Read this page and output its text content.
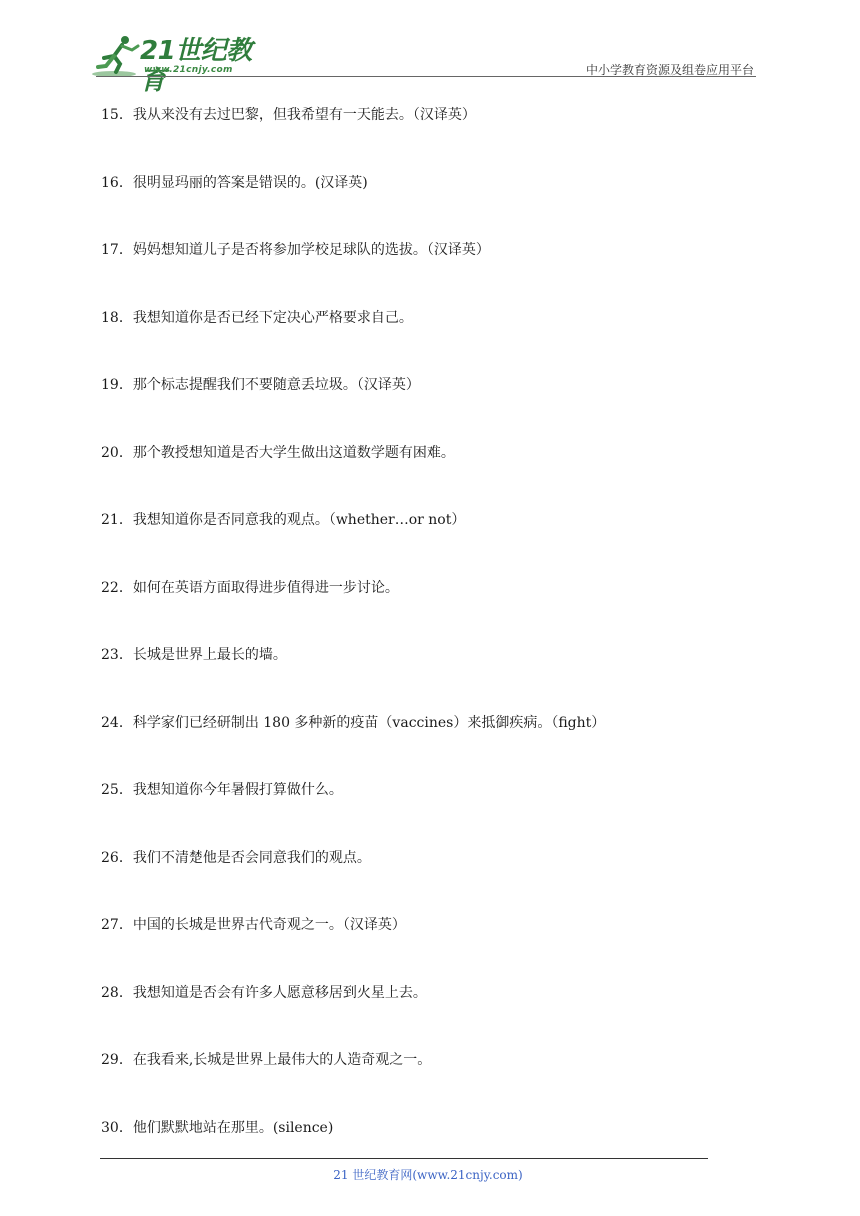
21世纪教育
www.21cnjy.com	中小学教育资源及组卷应用平台
15．我从来没有去过巴黎，但我希望有一天能去。（汉译英）
16．很明显玛丽的答案是错误的。(汉译英)
17．妈妈想知道儿子是否将参加学校足球队的选拔。（汉译英）
18．我想知道你是否已经下定决心严格要求自己。
19．那个标志提醒我们不要随意丢垃圾。（汉译英）
20．那个教授想知道是否大学生做出这道数学题有困难。
21．我想知道你是否同意我的观点。（whether…or not）
22．如何在英语方面取得进步值得进一步讨论。
23．长城是世界上最长的墙。
24．科学家们已经研制出 180 多种新的疫苗（vaccines）来抵御疾病。（fight）
25．我想知道你今年暑假打算做什么。
26．我们不清楚他是否会同意我们的观点。
27．中国的长城是世界古代奇观之一。（汉译英）
28．我想知道是否会有许多人愿意移居到火星上去。
29．在我看来,长城是世界上最伟大的人造奇观之一。
30．他们默默地站在那里。(silence)
21 世纪教育网(www.21cnjy.com)
